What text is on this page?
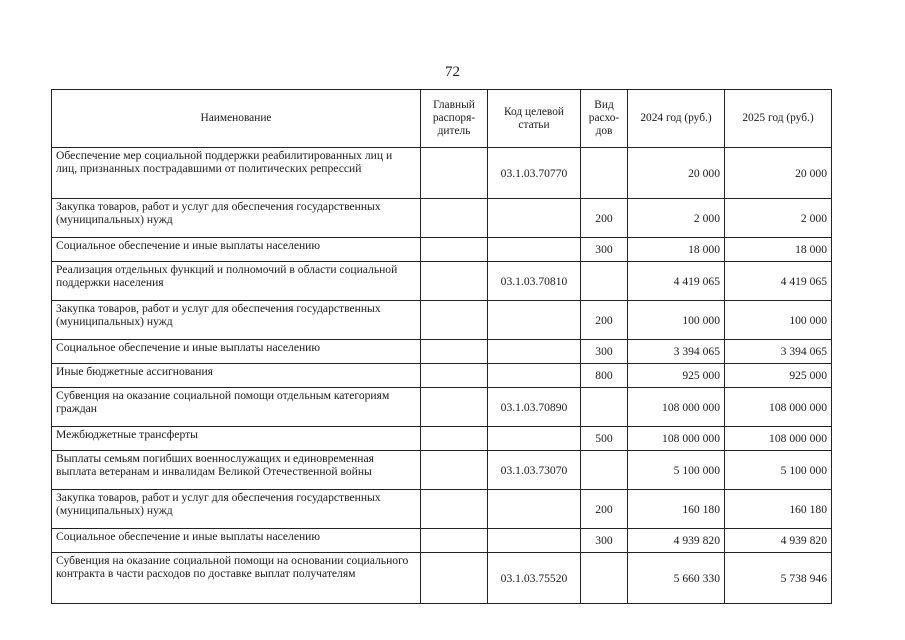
72
Наименование	Главный распоря-дитель	Код целевой статьи	Вид расхо-дов	2024 год (руб.)	2025 год (руб.)
Обеспечение мер социальной поддержки реабилитированных лиц и лиц, признанных пострадавшими от политических репрессий		03.1.03.70770		20 000	20 000
Закупка товаров, работ и услуг для обеспечения государственных (муниципальных) нужд			200	2 000	2 000
Социальное обеспечение и иные выплаты населению			300	18 000	18 000
Реализация отдельных функций и полномочий в области социальной поддержки населения		03.1.03.70810		4 419 065	4 419 065
Закупка товаров, работ и услуг для обеспечения государственных (муниципальных) нужд			200	100 000	100 000
Социальное обеспечение и иные выплаты населению			300	3 394 065	3 394 065
Иные бюджетные ассигнования			800	925 000	925 000
Субвенция на оказание социальной помощи отдельным категориям граждан		03.1.03.70890		108 000 000	108 000 000
Межбюджетные трансферты			500	108 000 000	108 000 000
Выплаты семьям погибших военнослужащих и единовременная выплата ветеранам и инвалидам Великой Отечественной войны		03.1.03.73070		5 100 000	5 100 000
Закупка товаров, работ и услуг для обеспечения государственных (муниципальных) нужд			200	160 180	160 180
Социальное обеспечение и иные выплаты населению			300	4 939 820	4 939 820
Субвенция на оказание социальной помощи на основании социального контракта в части расходов по доставке выплат получателям		03.1.03.75520		5 660 330	5 738 946
